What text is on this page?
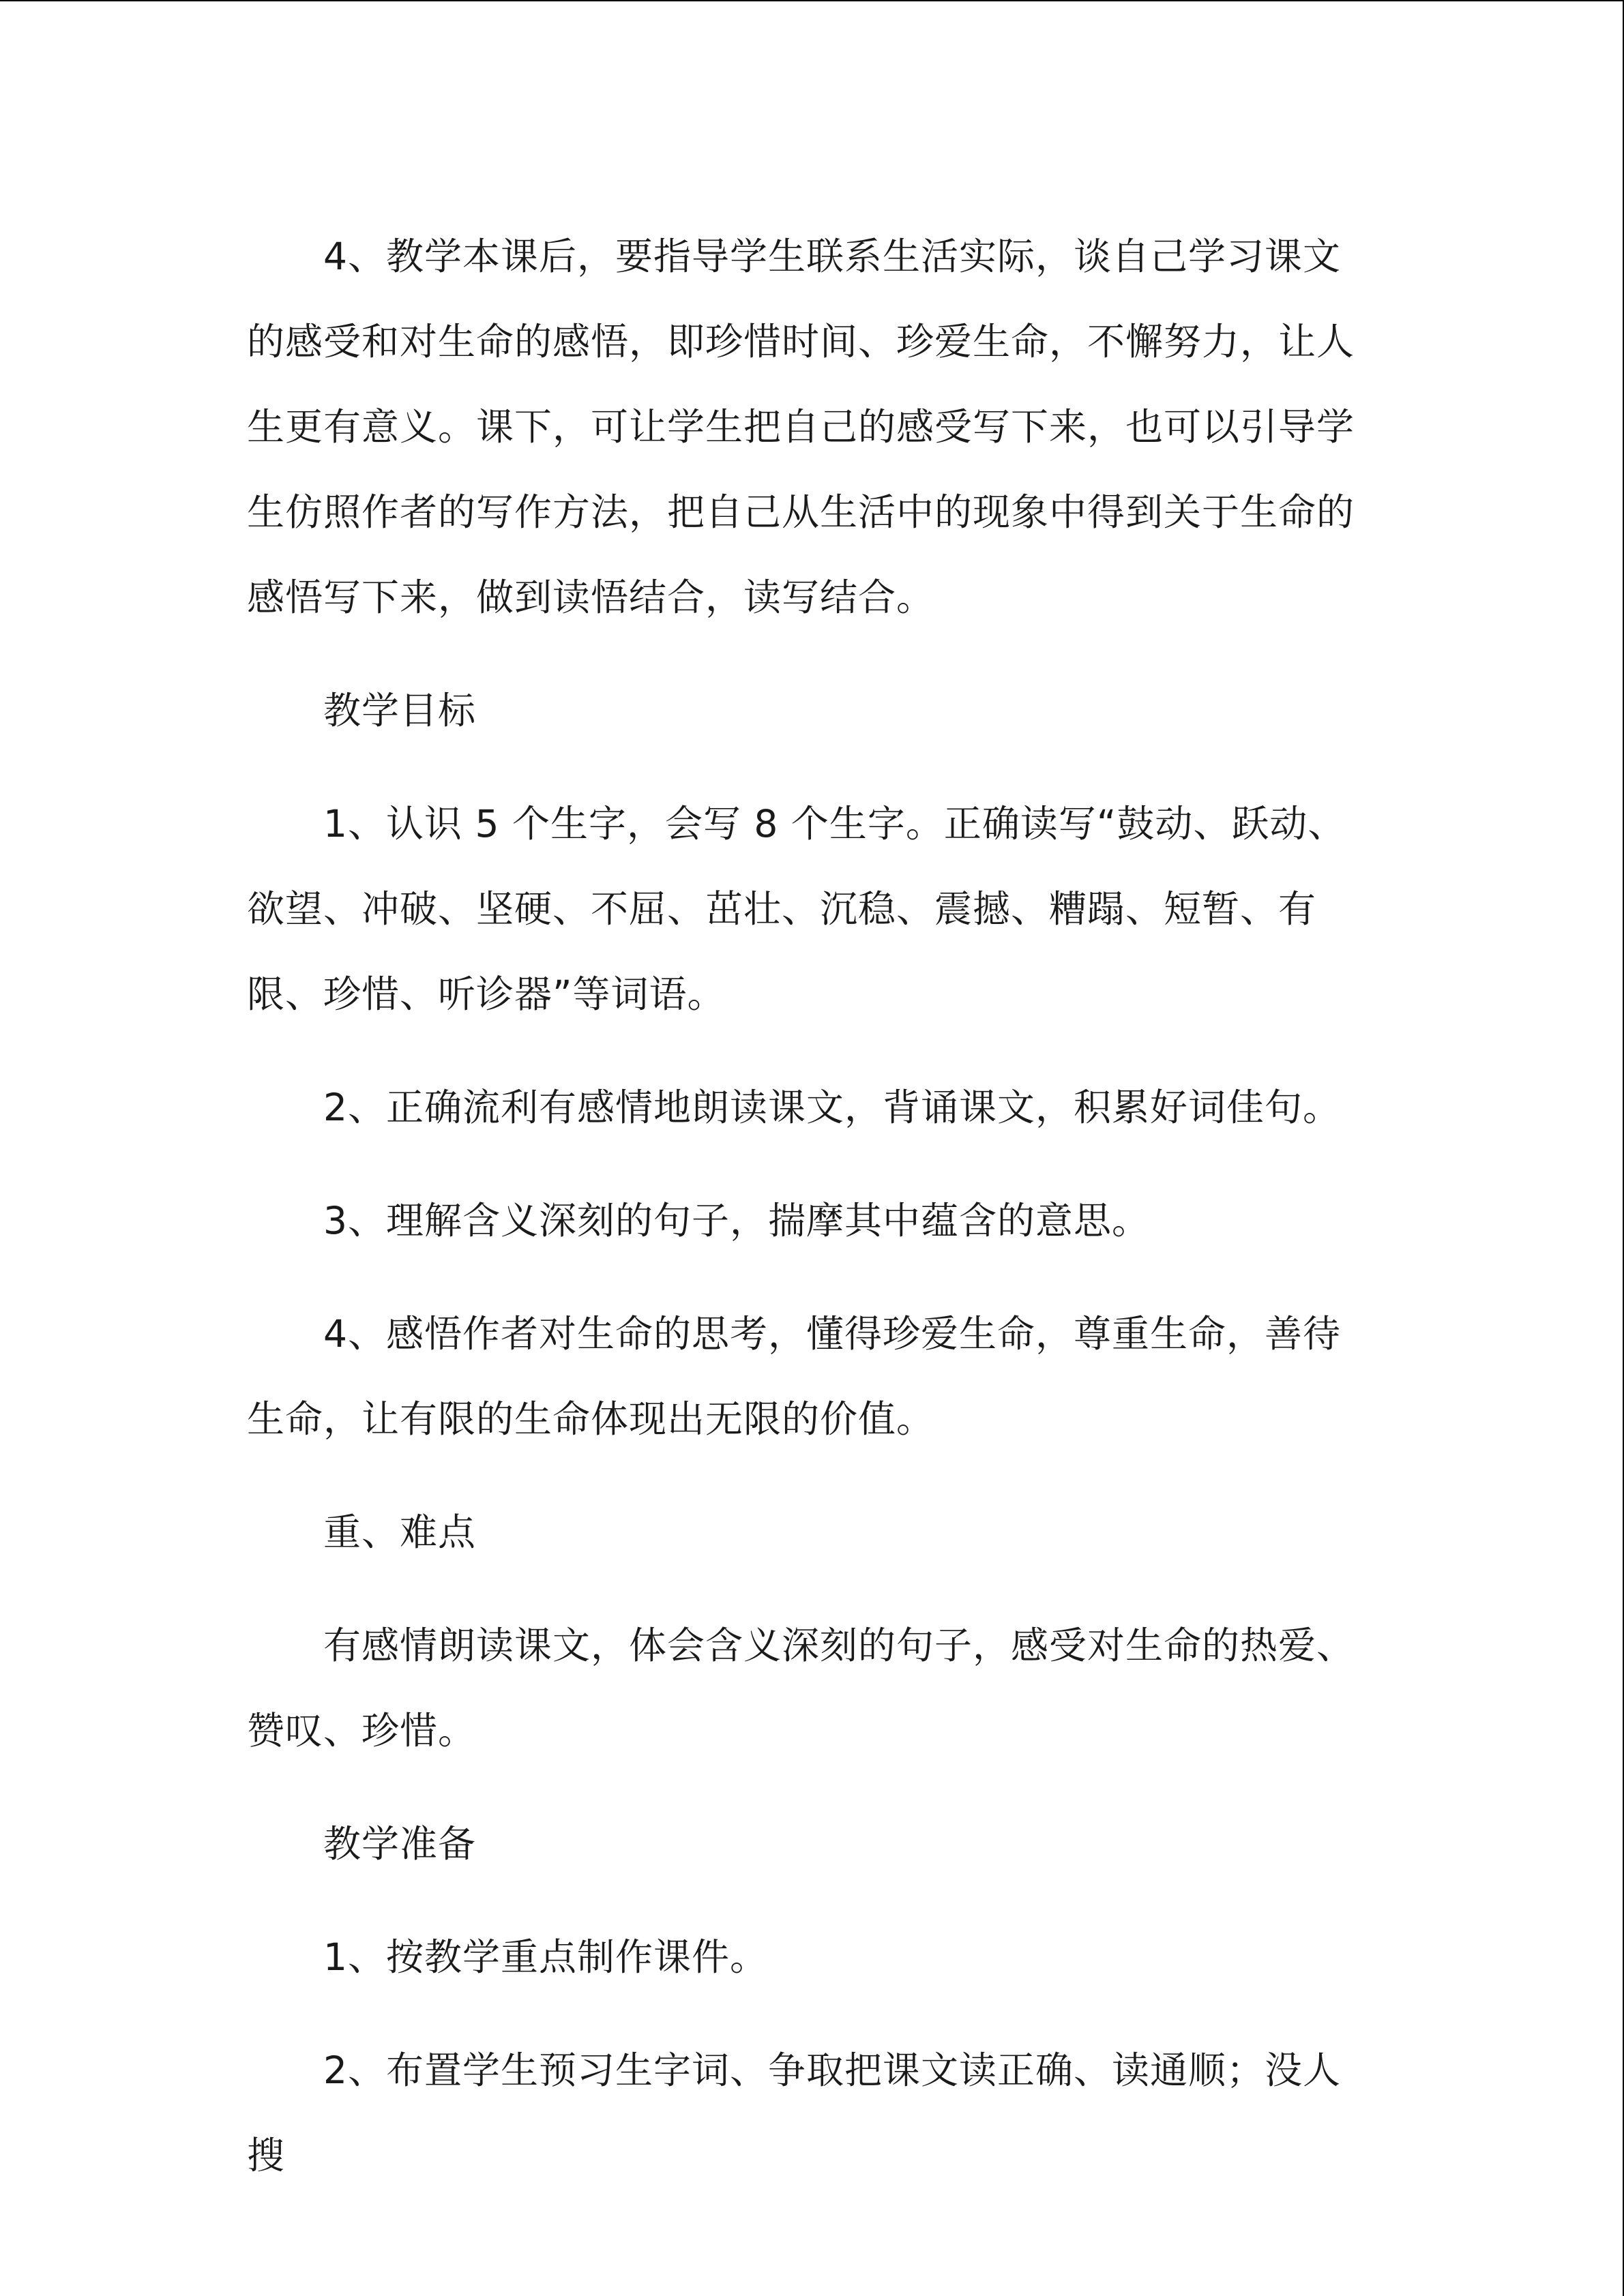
4、教学本课后，要指导学生联系生活实际，谈自己学习课文的感受和对生命的感悟，即珍惜时间、珍爱生命，不懈努力，让人生更有意义。课下，可让学生把自己的感受写下来，也可以引导学生仿照作者的写作方法，把自己从生活中的现象中得到关于生命的感悟写下来，做到读悟结合，读写结合。

教学目标

1、认识 5 个生字，会写 8 个生字。正确读写“鼓动、跃动、欲望、冲破、坚硬、不屈、茁壮、沉稳、震撼、糟蹋、短暂、有限、珍惜、听诊器”等词语。

2、正确流利有感情地朗读课文，背诵课文，积累好词佳句。

3、理解含义深刻的句子，揣摩其中蕴含的意思。

4、感悟作者对生命的思考，懂得珍爱生命，尊重生命，善待生命，让有限的生命体现出无限的价值。

重、难点

有感情朗读课文，体会含义深刻的句子，感受对生命的热爱、赞叹、珍惜。

教学准备

1、按教学重点制作课件。

2、布置学生预习生字词、争取把课文读正确、读通顺；没人搜
